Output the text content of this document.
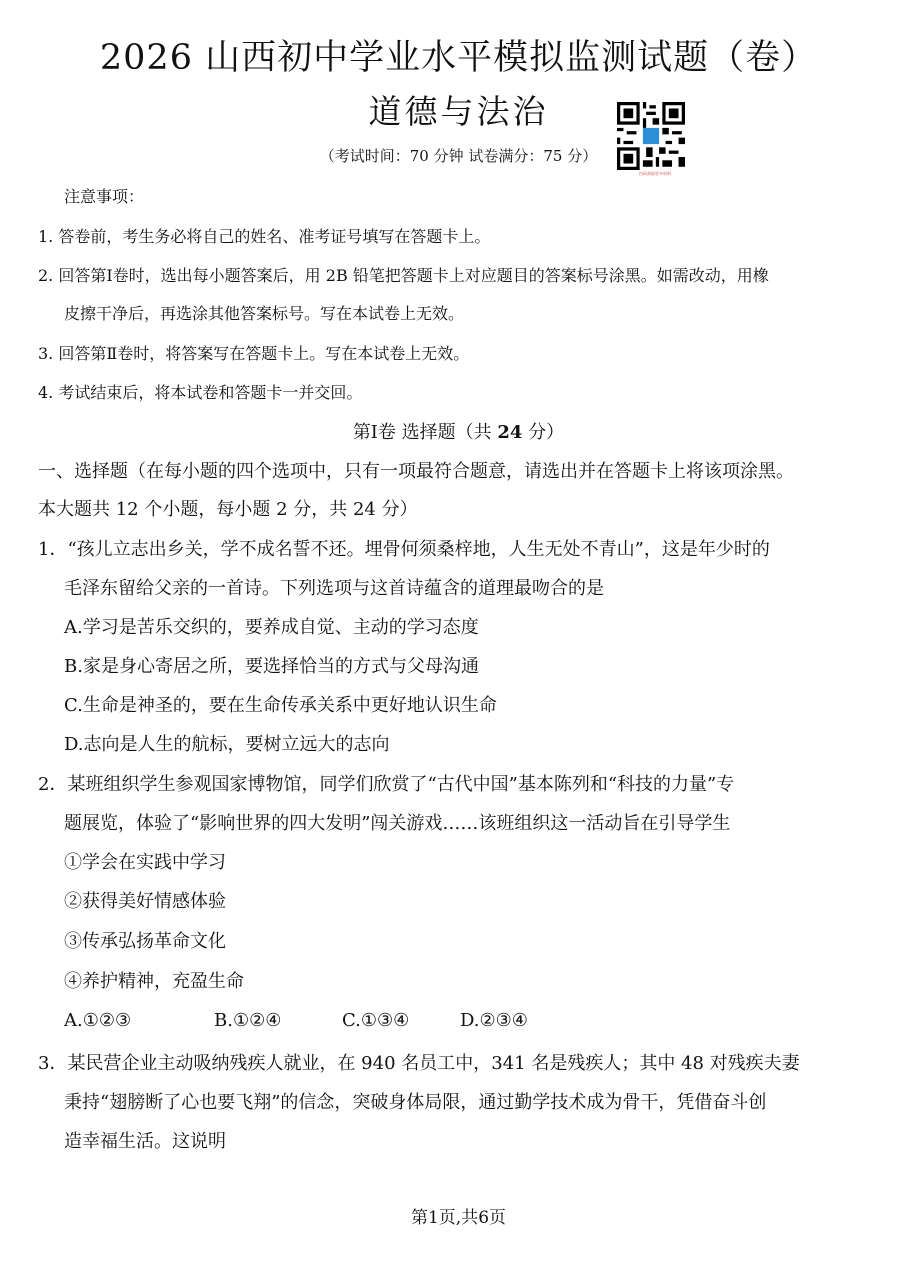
2026 山西初中学业水平模拟监测试题（卷）
道德与法治
（考试时间：70 分钟 试卷满分：75 分）
扫码获取更多资料
注意事项：
1. 答卷前，考生务必将自己的姓名、准考证号填写在答题卡上。
2. 回答第Ⅰ卷时，选出每小题答案后，用 2B 铅笔把答题卡上对应题目的答案标号涂黑。如需改动，用橡
皮擦干净后，再选涂其他答案标号。写在本试卷上无效。
3. 回答第Ⅱ卷时，将答案写在答题卡上。写在本试卷上无效。
4. 考试结束后，将本试卷和答题卡一并交回。
第Ⅰ卷 选择题（共 24 分）
一、选择题（在每小题的四个选项中，只有一项最符合题意，请选出并在答题卡上将该项涂黑。
本大题共 12 个小题，每小题 2 分，共 24 分）
1．“孩儿立志出乡关，学不成名誓不还。埋骨何须桑梓地，人生无处不青山”，这是年少时的
毛泽东留给父亲的一首诗。下列选项与这首诗蕴含的道理最吻合的是
A.学习是苦乐交织的，要养成自觉、主动的学习态度
B.家是身心寄居之所，要选择恰当的方式与父母沟通
C.生命是神圣的，要在生命传承关系中更好地认识生命
D.志向是人生的航标，要树立远大的志向
2．某班组织学生参观国家博物馆，同学们欣赏了“古代中国”基本陈列和“科技的力量”专
题展览，体验了“影响世界的四大发明”闯关游戏……该班组织这一活动旨在引导学生
①学会在实践中学习
②获得美好情感体验
③传承弘扬革命文化
④养护精神，充盈生命
A.①②③	B.①②④	C.①③④	D.②③④
3．某民营企业主动吸纳残疾人就业，在 940 名员工中，341 名是残疾人；其中 48 对残疾夫妻
秉持“翅膀断了心也要飞翔”的信念，突破身体局限，通过勤学技术成为骨干，凭借奋斗创
造幸福生活。这说明
第1页,共6页
